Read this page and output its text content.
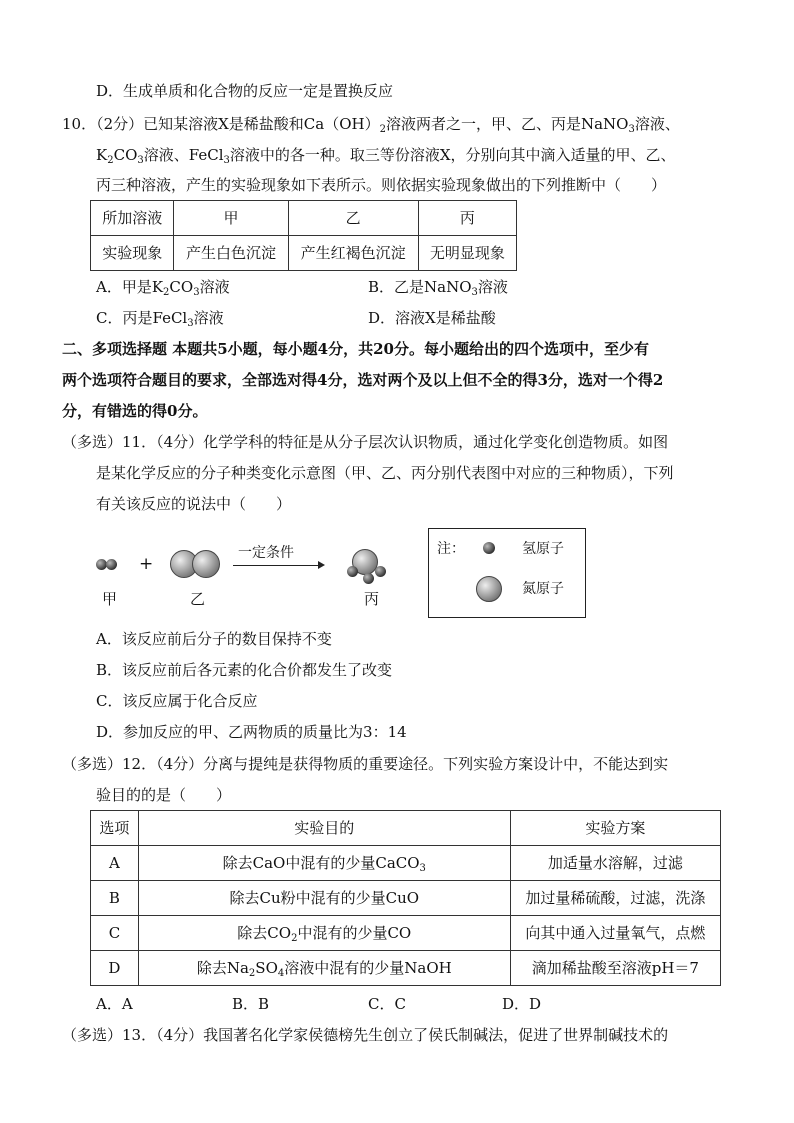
D．生成单质和化合物的反应一定是置换反应
10．（2分）已知某溶液X是稀盐酸和$Ca(OH)_2$溶液两者之一，甲、乙、丙是NaNO$_3$溶液、
$K_2CO_3$溶液、FeCl$_3$溶液中的各一种。取三等份溶液X，分别向其中滴入适量的甲、乙、
丙三种溶液，产生的实验现象如下表所示。则依据实验现象做出的下列推断中（　　）
所加溶液	甲	乙	丙
实验现象	产生白色沉淀	产生红褐色沉淀	无明显现象
A．甲是$K_2CO_3$溶液	B．乙是NaNO$_3$溶液
C．丙是FeCl$_3$溶液	D．溶液X是稀盐酸
二、多项选择题 本题共5小题，每小题4分，共20分。每小题给出的四个选项中，至少有
两个选项符合题目的要求，全部选对得4分，选对两个及以上但不全的得3分，选对一个得2
分，有错选的得0分。
（多选）11．（4分）化学学科的特征是从分子层次认识物质，通过化学变化创造物质。如图
是某化学反应的分子种类变化示意图（甲、乙、丙分别代表图中对应的三种物质），下列
有关该反应的说法中（　　）
+
一定条件
甲	乙	丙
注：	氢原子
氮原子
A．该反应前后分子的数目保持不变
B．该反应前后各元素的化合价都发生了改变
C．该反应属于化合反应
D．参加反应的甲、乙两物质的质量比为3：14
（多选）12．（4分）分离与提纯是获得物质的重要途径。下列实验方案设计中，不能达到实
验目的的是（　　）
选项	实验目的	实验方案
A	除去CaO中混有的少量CaCO$_3$	加适量水溶解，过滤
B	除去Cu粉中混有的少量CuO	加过量稀硫酸，过滤，洗涤
C	除去$CO_2$中混有的少量CO	向其中通入过量氧气，点燃
D	除去$Na_2SO_4$溶液中混有的少量NaOH	滴加稀盐酸至溶液pH＝7
A．A	B．B	C．C	D．D
（多选）13．（4分）我国著名化学家侯德榜先生创立了侯氏制碱法，促进了世界制碱技术的
